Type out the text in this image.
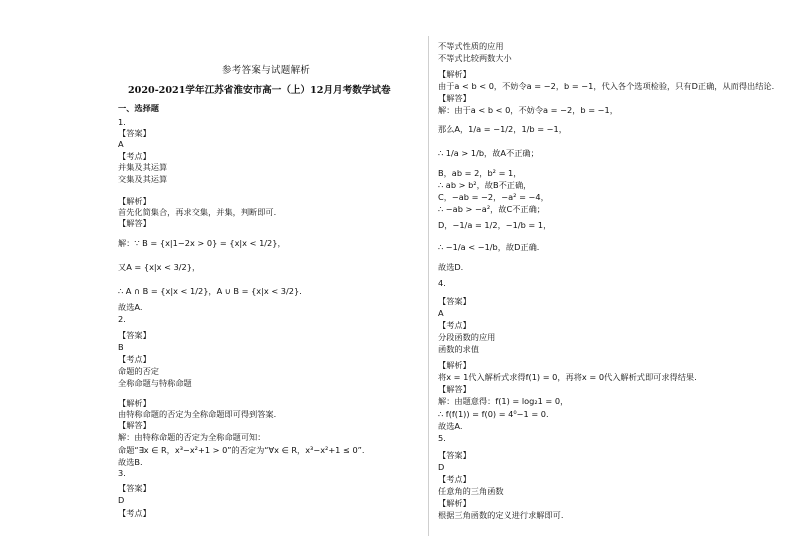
参考答案与试题解析
2020-2021学年江苏省淮安市高一（上）12月月考数学试卷
一、选择题
1.
【答案】
A
【考点】
并集及其运算
交集及其运算
【解析】
首先化简集合，再求交集，并集，判断即可.
【解答】
解：∵ B = {x|1−2x > 0} = {x|x < 1/2}，
又A = {x|x < 3/2}，
∴ A ∩ B = {x|x < 1/2}，A ∪ B = {x|x < 3/2}.
故选A.
2.
【答案】
B
【考点】
命题的否定
全称命题与特称命题
【解析】
由特称命题的否定为全称命题即可得到答案.
【解答】
解：由特称命题的否定为全称命题可知：
命题“∃x ∈ R，x³−x²+1 > 0”的否定为“∀x ∈ R，x³−x²+1 ≤ 0”.
故选B.
3.
【答案】
D
【考点】
不等式性质的应用
不等式比较两数大小
【解析】
由于a < b < 0，不妨令a = −2，b = −1，代入各个选项检验，只有D正确，从而得出结论.
【解答】
解：由于a < b < 0，不妨令a = −2，b = −1，
那么A，1/a = −1/2，1/b = −1，
∴ 1/a > 1/b，故A不正确；
B，ab = 2，b² = 1，
∴ ab > b²，故B不正确，
C，−ab = −2，−a² = −4，
∴ −ab > −a²，故C不正确；
D，−1/a = 1/2，−1/b = 1，
∴ −1/a < −1/b，故D正确.
故选D.
4.
【答案】
A
【考点】
分段函数的应用
函数的求值
【解析】
将x = 1代入解析式求得f(1) = 0，再将x = 0代入解析式即可求得结果.
【解答】
解：由题意得：f(1) = log₂1 = 0，
∴ f(f(1)) = f(0) = 4⁰−1 = 0.
故选A.
5.
【答案】
D
【考点】
任意角的三角函数
【解析】
根据三角函数的定义进行求解即可.
